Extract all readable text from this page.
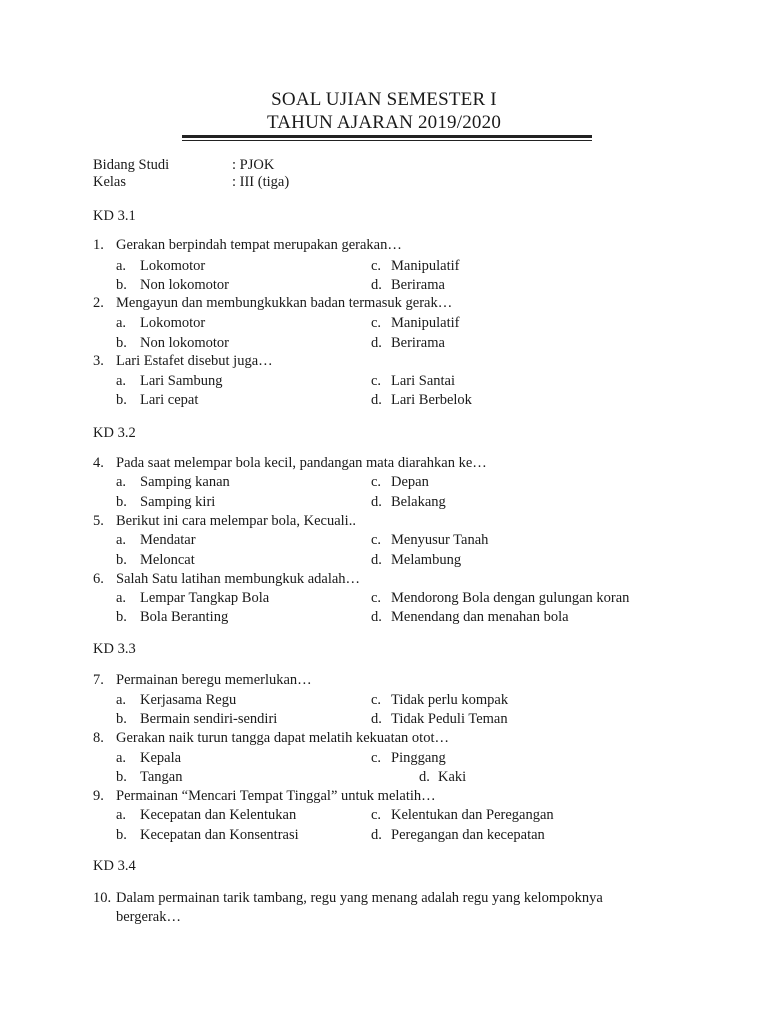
SOAL UJIAN SEMESTER I
TAHUN AJARAN 2019/2020
Bidang Studi	: PJOK
Kelas	: III (tiga)
KD 3.1
1. Gerakan berpindah tempat merupakan gerakan…
a. Lokomotor	c. Manipulatif
b. Non lokomotor	d. Berirama
2. Mengayun dan membungkukkan badan termasuk gerak…
a. Lokomotor	c. Manipulatif
b. Non lokomotor	d. Berirama
3. Lari Estafet disebut juga…
a. Lari Sambung	c. Lari Santai
b. Lari cepat	d. Lari Berbelok
KD 3.2
4. Pada saat melempar bola kecil, pandangan mata diarahkan ke…
a. Samping kanan	c. Depan
b. Samping kiri	d. Belakang
5. Berikut ini cara melempar bola, Kecuali..
a. Mendatar	c. Menyusur Tanah
b. Meloncat	d. Melambung
6. Salah Satu latihan membungkuk adalah…
a. Lempar Tangkap Bola	c. Mendorong Bola dengan gulungan koran
b. Bola Beranting	d. Menendang dan menahan bola
KD 3.3
7. Permainan beregu memerlukan…
a. Kerjasama Regu	c. Tidak perlu kompak
b. Bermain sendiri-sendiri	d. Tidak Peduli Teman
8. Gerakan naik turun tangga dapat melatih kekuatan otot…
a. Kepala	c. Pinggang
b. Tangan	d. Kaki
9. Permainan “Mencari Tempat Tinggal” untuk melatih…
a. Kecepatan dan Kelentukan	c. Kelentukan dan Peregangan
b. Kecepatan dan Konsentrasi	d. Peregangan dan kecepatan
KD 3.4
10. Dalam permainan tarik tambang, regu yang menang adalah regu yang kelompoknya
bergerak…
